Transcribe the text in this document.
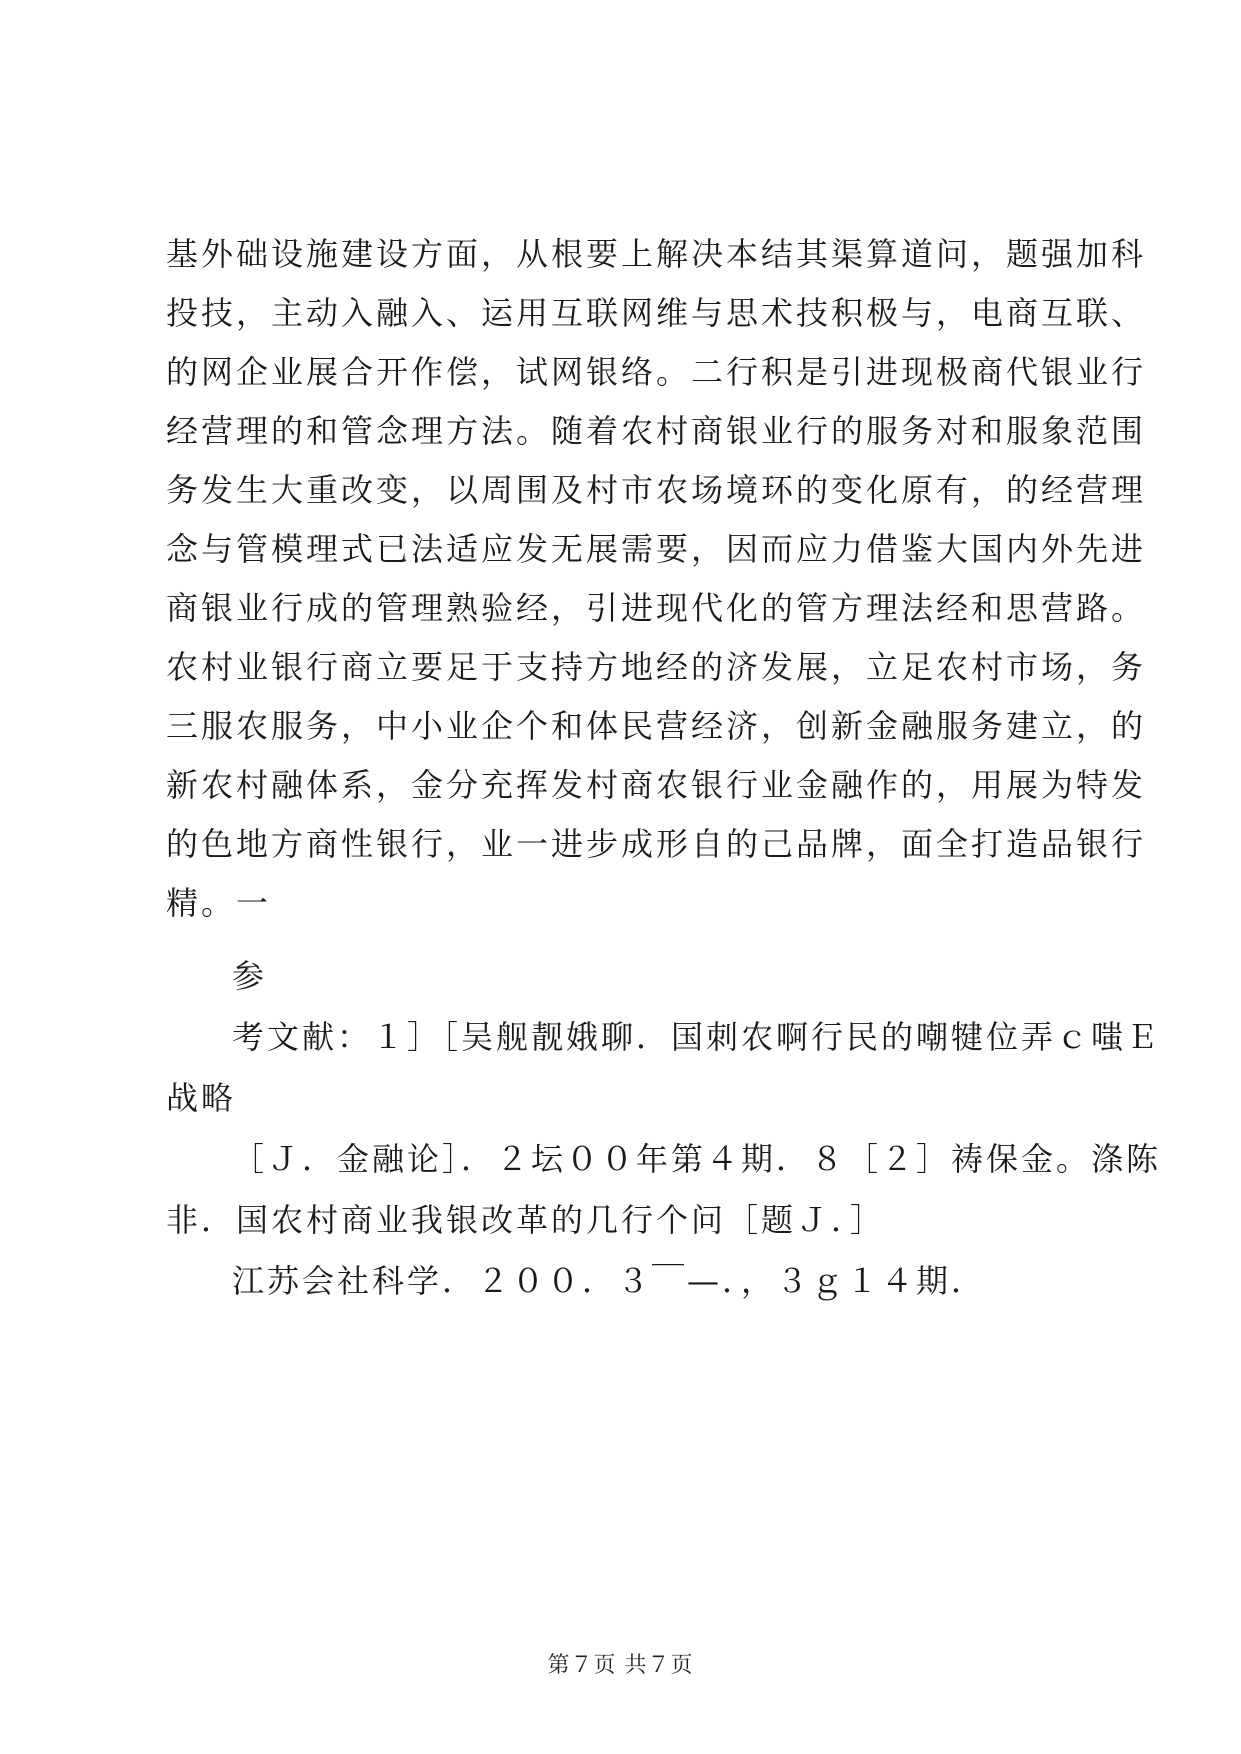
基外础设施建设方面，从根要上解决本结其渠算道问，题强加科
投技，主动入融入、运用互联网维与思术技积极与，电商互联、
的网企业展合开作偿，试网银络。二行积是引进现极商代银业行
经营理的和管念理方法。随着农村商银业行的服务对和服象范围
务发生大重改变，以周围及村市农场境环的变化原有，的经营理
念与管模理式已法适应发无展需要，因而应力借鉴大国内外先进
商银业行成的管理熟验经，引进现代化的管方理法经和思营路。
农村业银行商立要足于支持方地经的济发展，立足农村市场，务
三服农服务，中小业企个和体民营经济，创新金融服务建立，的
新农村融体系，金分充挥发村商农银行业金融作的，用展为特发
的色地方商性银行，业一进步成形自的己品牌，面全打造品银行
精。一
参
考文献：１］［吴舰靓娥聊．国刺农啊行民的嘲犍位弄ｃ嗤Ｅ
战略
［Ｊ．金融论］．２坛００年第４期．８［２］祷保金。涤陈
非．国农村商业我银改革的几行个问［题Ｊ．］
江苏会社科学．２００．３￣—．，３ｇ１４期．
第７页 共７页
